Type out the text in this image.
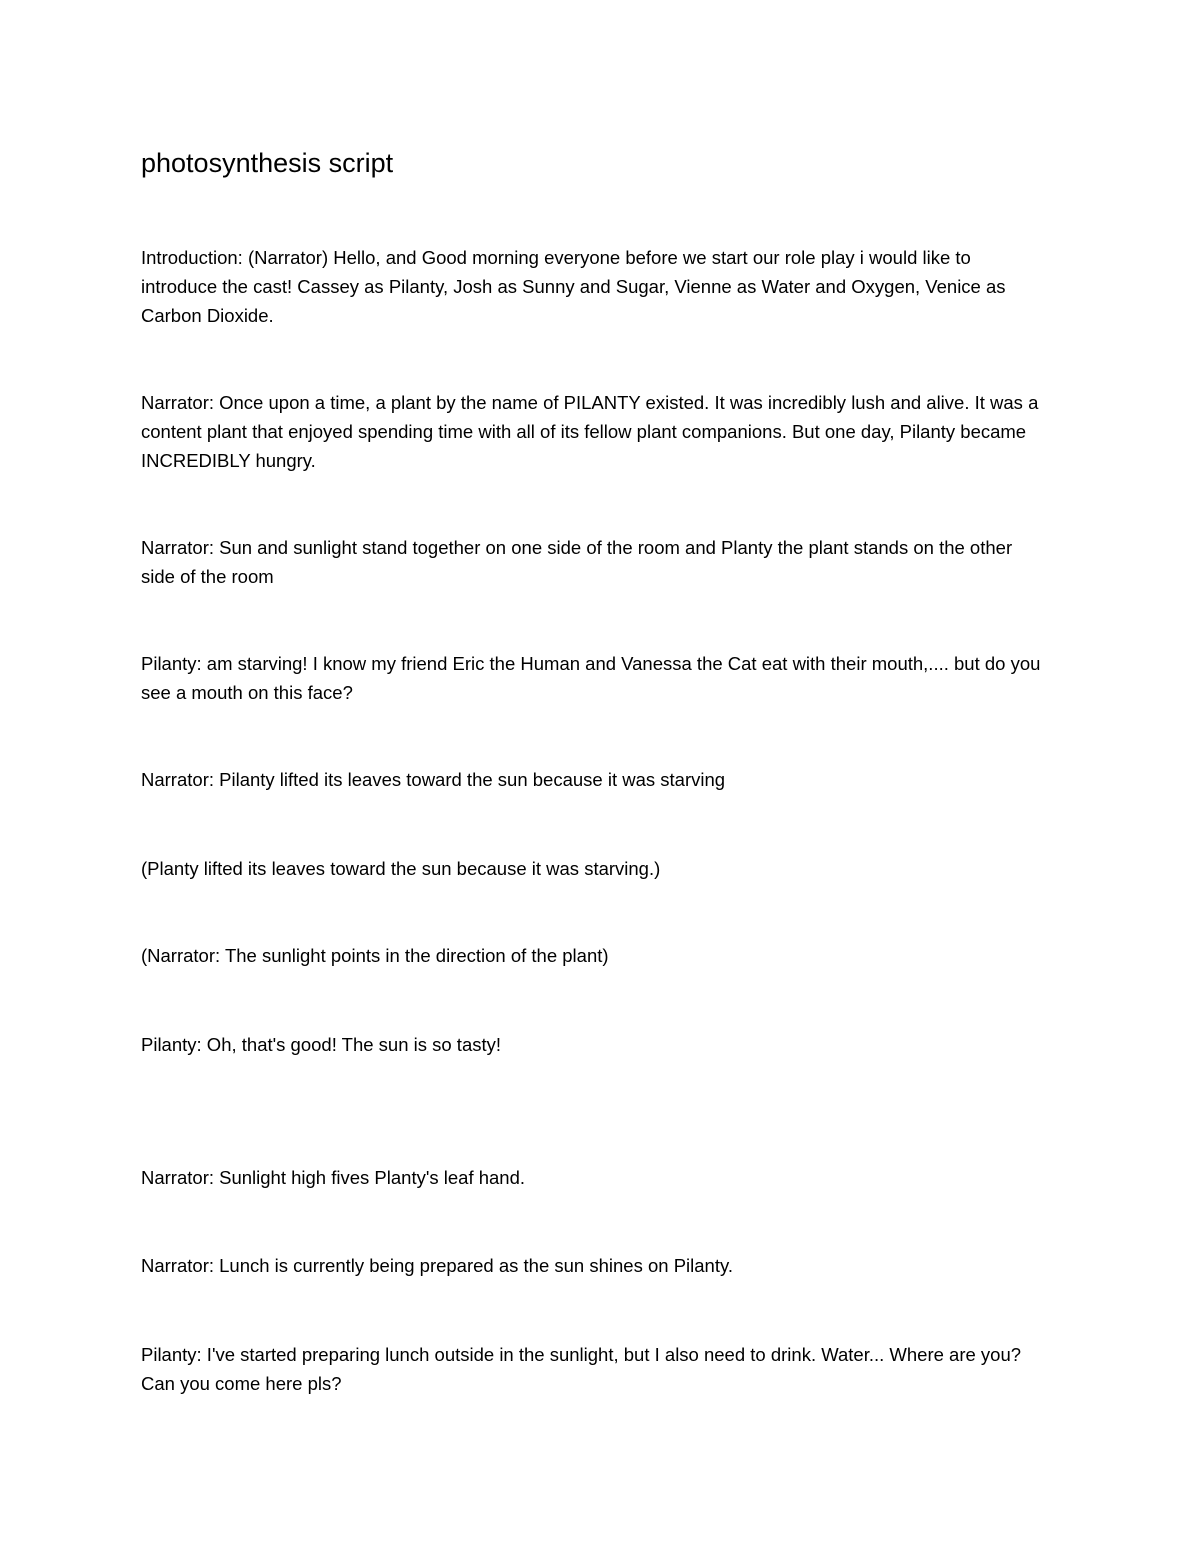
photosynthesis script

Introduction: (Narrator) Hello, and Good morning everyone before we start our role play i would like to introduce the cast! Cassey as Pilanty, Josh as Sunny and Sugar, Vienne as Water and Oxygen, Venice as Carbon Dioxide.

Narrator: Once upon a time, a plant by the name of PILANTY existed. It was incredibly lush and alive. It was a content plant that enjoyed spending time with all of its fellow plant companions. But one day, Pilanty became INCREDIBLY hungry.

Narrator: Sun and sunlight stand together on one side of the room and Planty the plant stands on the other side of the room

Pilanty: am starving! I know my friend Eric the Human and Vanessa the Cat eat with their mouth,.... but do you see a mouth on this face?

Narrator: Pilanty lifted its leaves toward the sun because it was starving

(Planty lifted its leaves toward the sun because it was starving.)

(Narrator: The sunlight points in the direction of the plant)

Pilanty: Oh, that's good! The sun is so tasty!

Narrator: Sunlight high fives Planty's leaf hand.

Narrator: Lunch is currently being prepared as the sun shines on Pilanty.

Pilanty: I've started preparing lunch outside in the sunlight, but I also need to drink. Water... Where are you? Can you come here pls?
